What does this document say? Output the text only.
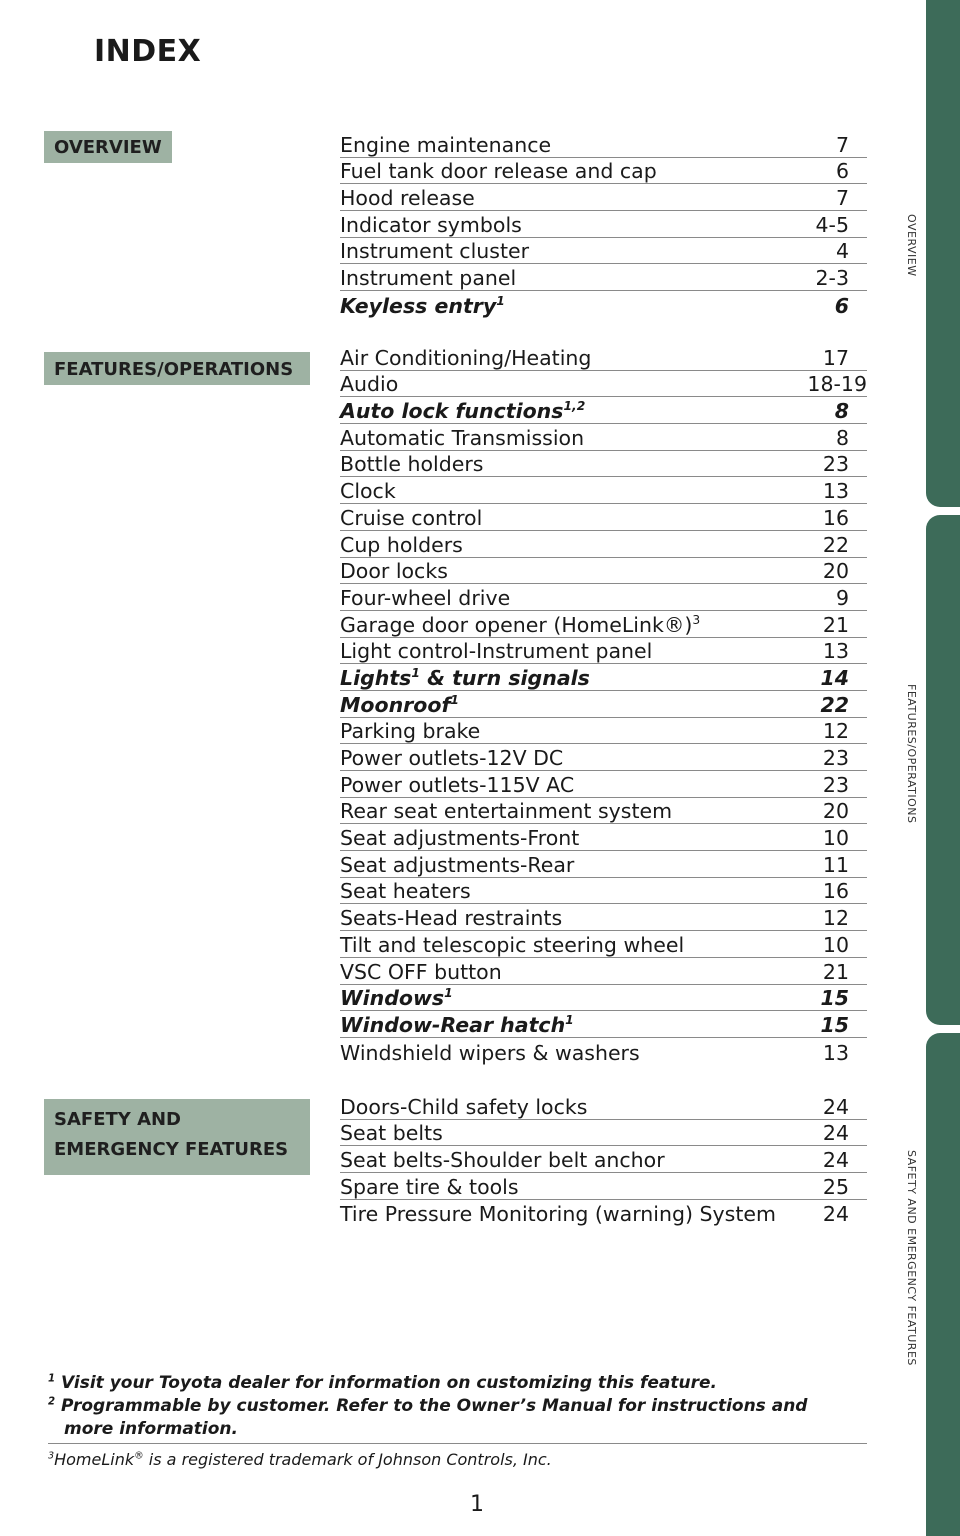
INDEX
OVERVIEW
FEATURES/OPERATIONS
SAFETY AND
EMERGENCY FEATURES
Engine maintenance	7
Fuel tank door release and cap	6
Hood release	7
Indicator symbols	4-5
Instrument cluster	4
Instrument panel	2-3
Keyless entry$^1$	6
Air Conditioning/Heating	17
Audio	18-19
Auto lock functions$^{1,2}$	8
Automatic Transmission	8
Bottle holders	23
Clock	13
Cruise control	16
Cup holders	22
Door locks	20
Four-wheel drive	9
Garage door opener (HomeLink®)$^3$	21
Light control-Instrument panel	13
Lights$^1$ & turn signals	14
Moonroof$^1$	22
Parking brake	12
Power outlets-12V DC	23
Power outlets-115V AC	23
Rear seat entertainment system	20
Seat adjustments-Front	10
Seat adjustments-Rear	11
Seat heaters	16
Seats-Head restraints	12
Tilt and telescopic steering wheel	10
VSC OFF button	21
Windows$^1$	15
Window-Rear hatch$^1$	15
Windshield wipers & washers	13
Doors-Child safety locks	24
Seat belts	24
Seat belts-Shoulder belt anchor	24
Spare tire & tools	25
Tire Pressure Monitoring (warning) System 24
$^1$ Visit your Toyota dealer for information on customizing this feature.
$^2$ Programmable by customer. Refer to the Owner’s Manual for instructions and
more information.
$^3$HomeLink® is a registered trademark of Johnson Controls, Inc.
1
OVERVIEW
FEATURES/OPERATIONS
SAFETY AND EMERGENCY FEATURES
